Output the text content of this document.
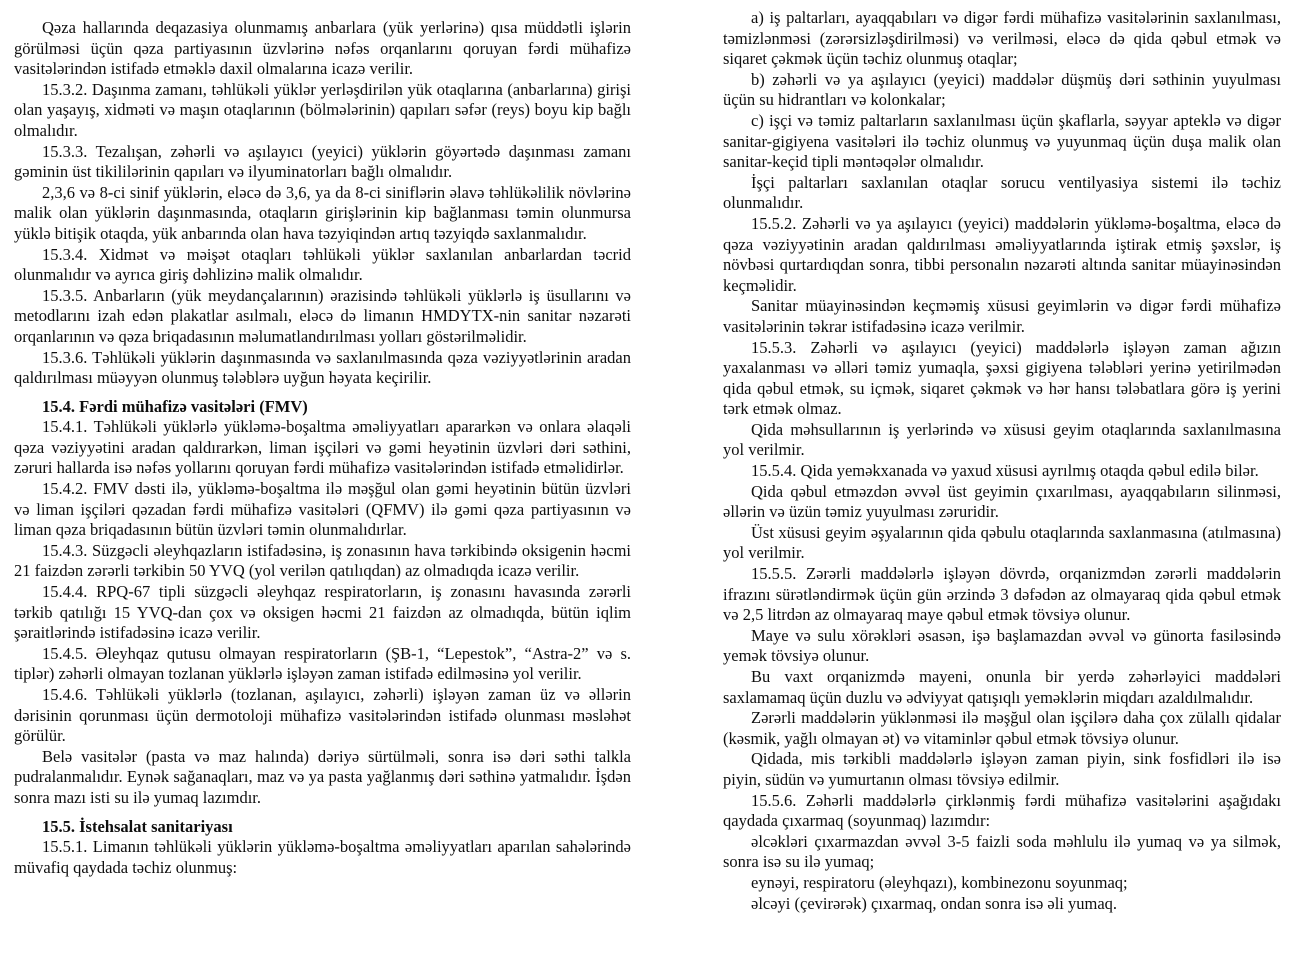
Qəza hallarında deqazasiya olunmamış anbarlara (yük yerlərinə) qısa müddətli işlərin görülməsi üçün qəza partiyasının üzvlərinə nəfəs orqanlarını qoruyan fərdi mühafizə vasitələrindən istifadə etməklə daxil olmalarına icazə verilir.

15.3.2. Daşınma zamanı, təhlükəli yüklər yerləşdirilən yük otaqlarına (anbarlarına) girişi olan yaşayış, xidməti və maşın otaqlarının (bölmələrinin) qapıları səfər (reys) boyu kip bağlı olmalıdır.

15.3.3. Tezalışan, zəhərli və aşılayıcı (yeyici) yüklərin göyərtədə daşınması zamanı gəminin üst tikililərinin qapıları və ilyuminatorları bağlı olmalıdır.

2,3,6 və 8-ci sinif yüklərin, eləcə də 3,6, ya da 8-ci siniflərin əlavə təhlükəlilik növlərinə malik olan yüklərin daşınmasında, otaqların girişlərinin kip bağlanması təmin olunmursa yüklə bitişik otaqda, yük anbarında olan hava təzyiqindən artıq təzyiqdə saxlanmalıdır.

15.3.4. Xidmət və məişət otaqları təhlükəli yüklər saxlanılan anbarlardan təcrid olunmalıdır və ayrıca giriş dəhlizinə malik olmalıdır.

15.3.5. Anbarların (yük meydançalarının) ərazisində təhlükəli yüklərlə iş üsullarını və metodlarını izah edən plakatlar asılmalı, eləcə də limanın HMDYTX-nin sanitar nəzarəti orqanlarının və qəza briqadasının məlumatlandırılması yolları göstərilməlidir.

15.3.6. Təhlükəli yüklərin daşınmasında və saxlanılmasında qəza vəziyyətlərinin aradan qaldırılması müəyyən olunmuş tələblərə uyğun həyata keçirilir.

15.4. Fərdi mühafizə vasitələri (FMV)

15.4.1. Təhlükəli yüklərlə yükləmə-boşaltma əməliyyatları apararkən və onlara əlaqəli qəza vəziyyətini aradan qaldırarkən, liman işçiləri və gəmi heyətinin üzvləri dəri səthini, zəruri hallarda isə nəfəs yollarını qoruyan fərdi mühafizə vasitələrindən istifadə etməlidirlər.

15.4.2. FMV dəsti ilə, yükləmə-boşaltma ilə məşğul olan gəmi heyətinin bütün üzvləri və liman işçiləri qəzadan fərdi mühafizə vasitələri (QFMV) ilə gəmi qəza partiyasının və liman qəza briqadasının bütün üzvləri təmin olunmalıdırlar.

15.4.3. Süzgəcli əleyhqazların istifadəsinə, iş zonasının hava tərkibində oksigenin həcmi 21 faizdən zərərli tərkibin 50 YVQ (yol verilən qatılıqdan) az olmadıqda icazə verilir.

15.4.4. RPQ-67 tipli süzgəcli əleyhqaz respiratorların, iş zonasını havasında zərərli tərkib qatılığı 15 YVQ-dan çox və oksigen həcmi 21 faizdən az olmadıqda, bütün iqlim şəraitlərində istifadəsinə icazə verilir.

15.4.5. Əleyhqaz qutusu olmayan respiratorların (ŞB-1, “Lepestok”, “Astra-2” və s. tiplər) zəhərli olmayan tozlanan yüklərlə işləyən zaman istifadə edilməsinə yol verilir.

15.4.6. Təhlükəli yüklərlə (tozlanan, aşılayıcı, zəhərli) işləyən zaman üz və əllərin dərisinin qorunması üçün dermotoloji mühafizə vasitələrindən istifadə olunması məsləhət görülür.

Belə vasitələr (pasta və maz halında) dəriyə sürtülməli, sonra isə dəri səthi talkla pudralanmalıdır. Eynək sağanaqları, maz və ya pasta yağlanmış dəri səthinə yatmalıdır. İşdən sonra mazı isti su ilə yumaq lazımdır.

15.5. İstehsalat sanitariyası

15.5.1. Limanın təhlükəli yüklərin yükləmə-boşaltma əməliyyatları aparılan sahələrində müvafiq qaydada təchiz olunmuş:

a) iş paltarları, ayaqqabıları və digər fərdi mühafizə vasitələrinin saxlanılması, təmizlənməsi (zərərsizləşdirilməsi) və verilməsi, eləcə də qida qəbul etmək və siqaret çəkmək üçün təchiz olunmuş otaqlar;

b) zəhərli və ya aşılayıcı (yeyici) maddələr düşmüş dəri səthinin yuyulması üçün su hidrantları və kolonkalar;

c) işçi və təmiz paltarların saxlanılması üçün şkaflarla, səyyar apteklə və digər sanitar-gigiyena vasitələri ilə təchiz olunmuş və yuyunmaq üçün duşa malik olan sanitar-keçid tipli məntəqələr olmalıdır.

İşçi paltarları saxlanılan otaqlar sorucu ventilyasiya sistemi ilə təchiz olunmalıdır.

15.5.2. Zəhərli və ya aşılayıcı (yeyici) maddələrin yükləmə-boşaltma, eləcə də qəza vəziyyətinin aradan qaldırılması əməliyyatlarında iştirak etmiş şəxslər, iş növbəsi qurtardıqdan sonra, tibbi personalın nəzarəti altında sanitar müayinəsindən keçməlidir.

Sanitar müayinəsindən keçməmiş xüsusi geyimlərin və digər fərdi mühafizə vasitələrinin təkrar istifadəsinə icazə verilmir.

15.5.3. Zəhərli və aşılayıcı (yeyici) maddələrlə işləyən zaman ağızın yaxalanması və əlləri təmiz yumaqla, şəxsi gigiyena tələbləri yerinə yetirilmədən qida qəbul etmək, su içmək, siqaret çəkmək və hər hansı tələbatlara görə iş yerini tərk etmək olmaz.

Qida məhsullarının iş yerlərində və xüsusi geyim otaqlarında saxlanılmasına yol verilmir.

15.5.4. Qida yeməkxanada və yaxud xüsusi ayrılmış otaqda qəbul edilə bilər.

Qida qəbul etməzdən əvvəl üst geyimin çıxarılması, ayaqqabıların silinməsi, əllərin və üzün təmiz yuyulması zəruridir.

Üst xüsusi geyim əşyalarının qida qəbulu otaqlarında saxlanmasına (atılmasına) yol verilmir.

15.5.5. Zərərli maddələrlə işləyən dövrdə, orqanizmdən zərərli maddələrin ifrazını sürətləndirmək üçün gün ərzində 3 dəfədən az olmayaraq qida qəbul etmək və 2,5 litrdən az olmayaraq maye qəbul etmək tövsiyə olunur.

Maye və sulu xörəkləri əsasən, işə başlamazdan əvvəl və günorta fasiləsində yemək tövsiyə olunur.

Bu vaxt orqanizmdə mayeni, onunla bir yerdə zəhərləyici maddələri saxlamamaq üçün duzlu və ədviyyat qatışıqlı yeməklərin miqdarı azaldılmalıdır.

Zərərli maddələrin yüklənməsi ilə məşğul olan işçilərə daha çox zülallı qidalar (kəsmik, yağlı olmayan ət) və vitaminlər qəbul etmək tövsiyə olunur.

Qidada, mis tərkibli maddələrlə işləyən zaman piyin, sink fosfidləri ilə isə piyin, südün və yumurtanın olması tövsiyə edilmir.

15.5.6. Zəhərli maddələrlə çirklənmiş fərdi mühafizə vasitələrini aşağıdakı qaydada çıxarmaq (soyunmaq) lazımdır:

əlcəkləri çıxarmazdan əvvəl 3-5 faizli soda məhlulu ilə yumaq və ya silmək, sonra isə su ilə yumaq;

eynəyi, respiratoru (əleyhqazı), kombinezonu soyunmaq;

əlcəyi (çevirərək) çıxarmaq, ondan sonra isə əli yumaq.
